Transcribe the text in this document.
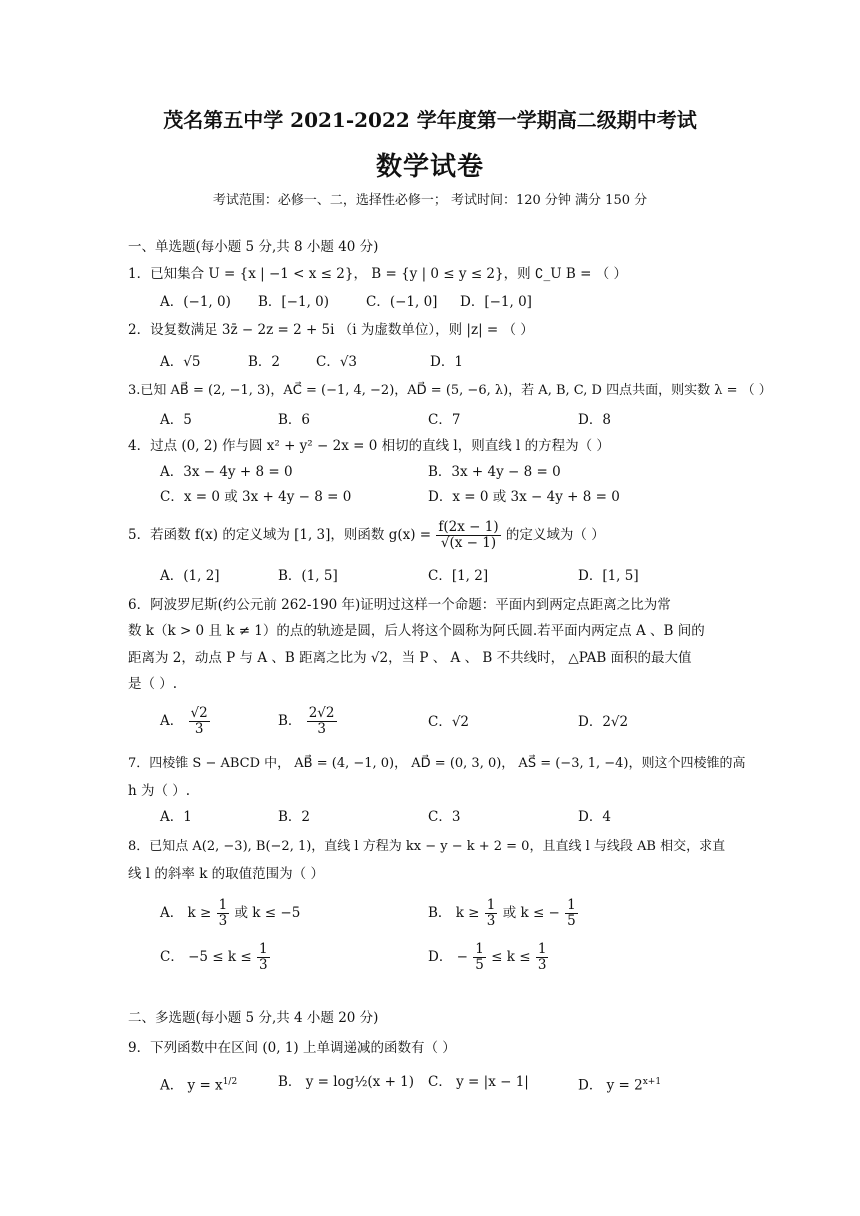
茂名第五中学 2021-2022 学年度第一学期高二级期中考试
数学试卷
考试范围：必修一、二，选择性必修一； 考试时间：120 分钟 满分 150 分
一、单选题(每小题 5 分,共 8 小题 40 分)
1．已知集合 U = {x | −1 < x ≤ 2}， B = {y | 0 ≤ y ≤ 2}，则 ∁_U B = （ ）
A．(−1, 0) B．[−1, 0)	C．(−1, 0] D．[−1, 0]
2．设复数满足 3z̄ − 2z = 2 + 5i （i 为虚数单位），则 |z| = （ ）
A．√5	B．2	C．√3	D．1
3.已知 AB⃗ = (2, −1, 3)，AC⃗ = (−1, 4, −2)，AD⃗ = (5, −6, λ)，若 A, B, C, D 四点共面，则实数 λ = （ ）
A．5	B．6	C．7	D．8
4．过点 (0, 2) 作与圆 x² + y² − 2x = 0 相切的直线 l，则直线 l 的方程为（ ）
A．3x − 4y + 8 = 0	B．3x + 4y − 8 = 0
C．x = 0 或 3x + 4y − 8 = 0	D．x = 0 或 3x − 4y + 8 = 0
5．若函数 f(x) 的定义域为 [1, 3]，则函数 $g(x) = \frac{f(2x - 1)}{√(x - 1)}$ 的定义域为（ ）
A．(1, 2]	B．(1, 5]	C．[1, 2]	D．[1, 5]
6．阿波罗尼斯(约公元前 262-190 年)证明过这样一个命题：平面内到两定点距离之比为常
数 k（k > 0 且 k ≠ 1）的点的轨迹是圆，后人将这个圆称为阿氏圆.若平面内两定点 A 、B 间的
距离为 2，动点 P 与 A 、B 距离之比为 √2，当 P 、 A 、 B 不共线时， △PAB 面积的最大值
是（ ）.
A． $\frac{√2}{3}$	B． $\frac{2√2}{3}$	C．√2	D．2√2
7．四棱锥 S − ABCD 中， AB⃗ = (4, −1, 0)， AD⃗ = (0, 3, 0)， AS⃗ = (−3, 1, −4)，则这个四棱锥的高
h 为（ ）.
A．1	B．2	C．3	D．4
8．已知点 A(2, −3), B(−2, 1)，直线 l 方程为 kx − y − k + 2 = 0，且直线 l 与线段 AB 相交，求直
线 l 的斜率 k 的取值范围为（ ）
A． $k \ge \frac{1}{3}$ 或 k ≤ −5	B． $k \ge \frac{1}{3}$ 或 k ≤ − $\frac{1}{5}$
C． $-5 \le k \le \frac{1}{3}$	D． − $\frac{1}{5} \le k \le \frac{1}{3}$
二、多选题(每小题 5 分,共 4 小题 20 分)
9．下列函数中在区间 (0, 1) 上单调递减的函数有（ ）
A． $y = x^{1/2}$	B． y = log½(x + 1) C． y = |x − 1|	D． $y = 2^{x+1}$
